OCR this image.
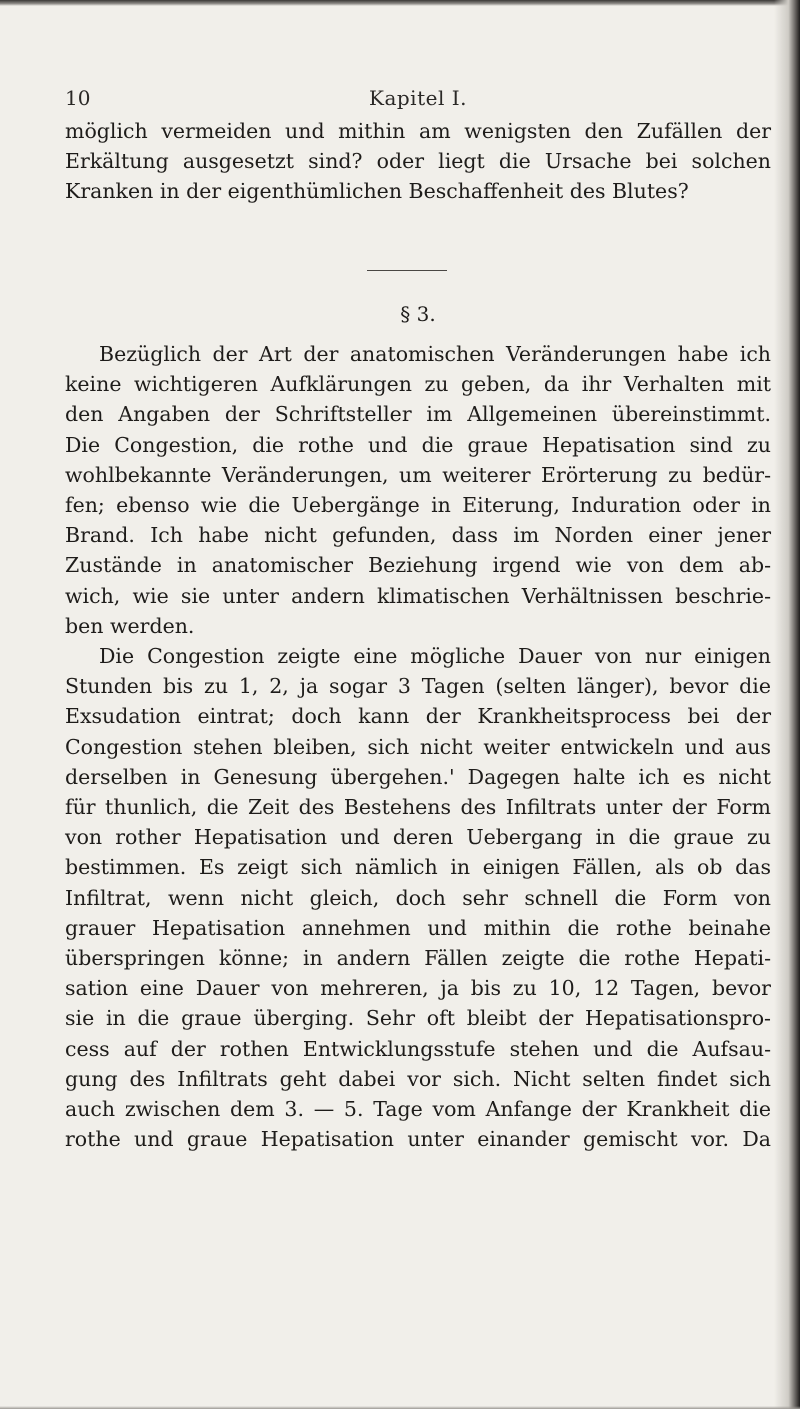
10	Kapitel I.
möglich vermeiden und mithin am wenigsten den Zufällen der
Erkältung ausgesetzt sind? oder liegt die Ursache bei solchen
Kranken in der eigenthümlichen Beschaffenheit des Blutes?
§ 3.
Bezüglich der Art der anatomischen Veränderungen habe ich
keine wichtigeren Aufklärungen zu geben, da ihr Verhalten mit
den Angaben der Schriftsteller im Allgemeinen übereinstimmt.
Die Congestion, die rothe und die graue Hepatisation sind zu
wohlbekannte Veränderungen, um weiterer Erörterung zu bedür-
fen; ebenso wie die Uebergänge in Eiterung, Induration oder in
Brand. Ich habe nicht gefunden, dass im Norden einer jener
Zustände in anatomischer Beziehung irgend wie von dem ab-
wich, wie sie unter andern klimatischen Verhältnissen beschrie-
ben werden.
Die Congestion zeigte eine mögliche Dauer von nur einigen
Stunden bis zu 1, 2, ja sogar 3 Tagen (selten länger), bevor die
Exsudation eintrat; doch kann der Krankheitsprocess bei der
Congestion stehen bleiben, sich nicht weiter entwickeln und aus
derselben in Genesung übergehen.' Dagegen halte ich es nicht
für thunlich, die Zeit des Bestehens des Infiltrats unter der Form
von rother Hepatisation und deren Uebergang in die graue zu
bestimmen. Es zeigt sich nämlich in einigen Fällen, als ob das
Infiltrat, wenn nicht gleich, doch sehr schnell die Form von
grauer Hepatisation annehmen und mithin die rothe beinahe
überspringen könne; in andern Fällen zeigte die rothe Hepati-
sation eine Dauer von mehreren, ja bis zu 10, 12 Tagen, bevor
sie in die graue überging. Sehr oft bleibt der Hepatisationspro-
cess auf der rothen Entwicklungsstufe stehen und die Aufsau-
gung des Infiltrats geht dabei vor sich. Nicht selten findet sich
auch zwischen dem 3. — 5. Tage vom Anfange der Krankheit die
rothe und graue Hepatisation unter einander gemischt vor. Da
